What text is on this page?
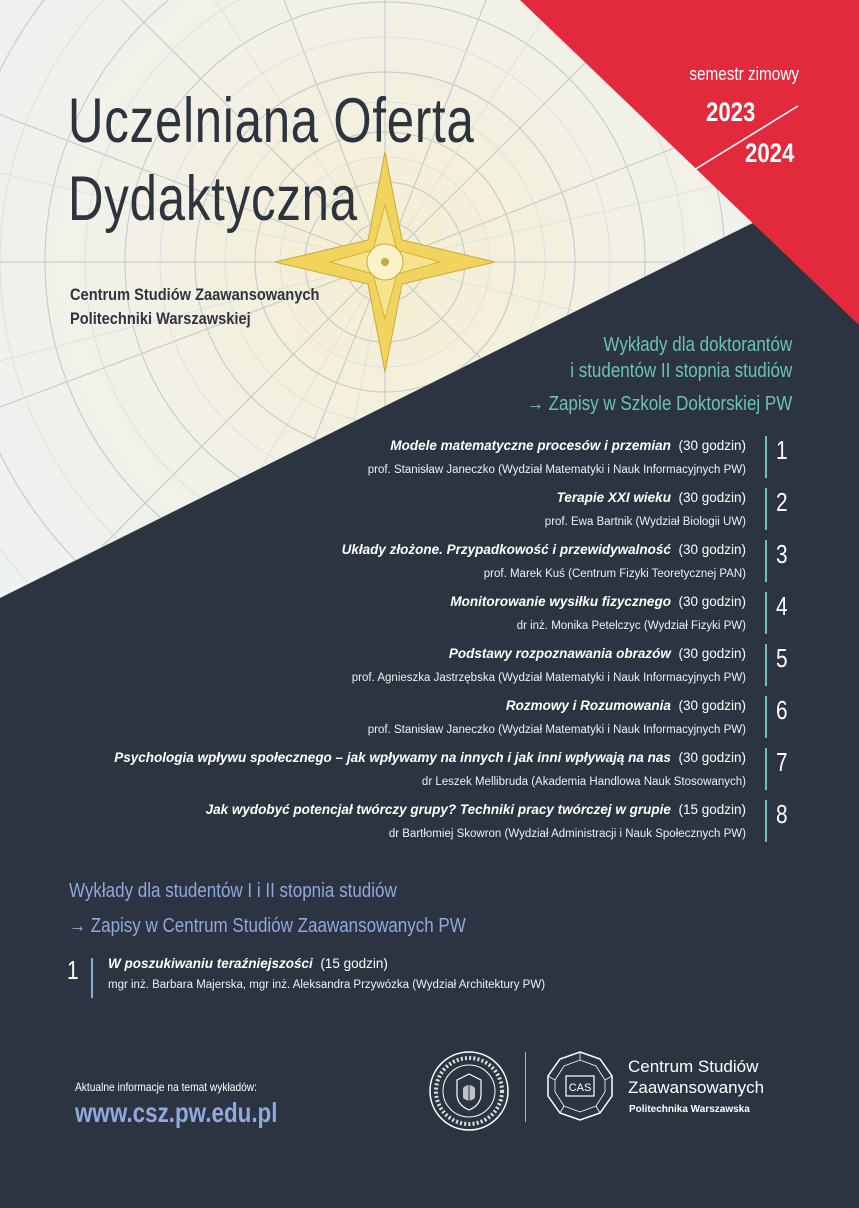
Uczelniana Oferta
Dydaktyczna
Centrum Studiów Zaawansowanych
Politechniki Warszawskiej
semestr zimowy
2023
2024
Wykłady dla doktorantów
i studentów II stopnia studiów
→ Zapisy w Szkole Doktorskiej PW
Modele matematyczne procesów i przemian (30 godzin)
prof. Stanisław Janeczko (Wydział Matematyki i Nauk Informacyjnych PW)
1
Terapie XXI wieku (30 godzin)
prof. Ewa Bartnik (Wydział Biologii UW)
2
Układy złożone. Przypadkowość i przewidywalność (30 godzin)
prof. Marek Kuś (Centrum Fizyki Teoretycznej PAN)
3
Monitorowanie wysiłku fizycznego (30 godzin)
dr inż. Monika Petelczyc (Wydział Fizyki PW)
4
Podstawy rozpoznawania obrazów (30 godzin)
prof. Agnieszka Jastrzębska (Wydział Matematyki i Nauk Informacyjnych PW)
5
Rozmowy i Rozumowania (30 godzin)
prof. Stanisław Janeczko (Wydział Matematyki i Nauk Informacyjnych PW)
6
Psychologia wpływu społecznego – jak wpływamy na innych i jak inni wpływają na nas (30 godzin)
dr Leszek Mellibruda (Akademia Handlowa Nauk Stosowanych)
7
Jak wydobyć potencjał twórczy grupy? Techniki pracy twórczej w grupie (15 godzin)
dr Bartłomiej Skowron (Wydział Administracji i Nauk Społecznych PW)
8
Wykłady dla studentów I i II stopnia studiów
→ Zapisy w Centrum Studiów Zaawansowanych PW
1 W poszukiwaniu teraźniejszości (15 godzin)
mgr inż. Barbara Majerska, mgr inż. Aleksandra Przywózka (Wydział Architektury PW)
Aktualne informacje na temat wykładów:
www.csz.pw.edu.pl
CAS
Centrum Studiów
Zaawansowanych
Politechnika Warszawska
